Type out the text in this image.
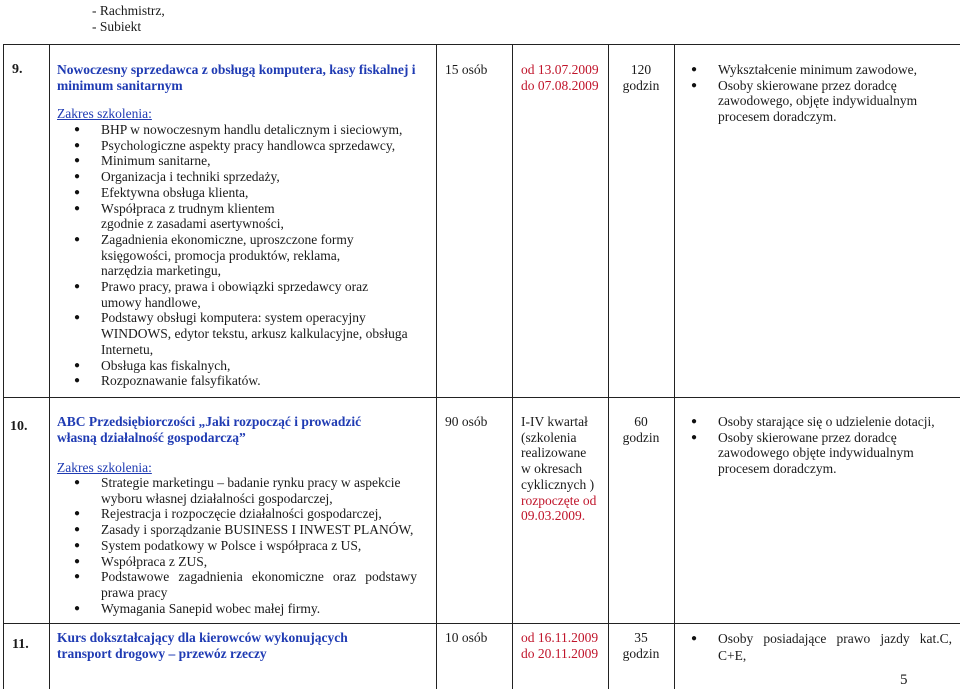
- Rachmistrz,
- Subiekt
9.	Nowoczesny sprzedawca z obsługą komputera, kasy fiskalnej i minimum sanitarnym
Zakres szkolenia:
● BHP w nowoczesnym handlu detalicznym i sieciowym,
● Psychologiczne aspekty pracy handlowca sprzedawcy,
● Minimum sanitarne,
● Organizacja i techniki sprzedaży,
● Efektywna obsługa klienta,
● Współpraca z trudnym klientem zgodnie z zasadami asertywności,
● Zagadnienia ekonomiczne, uproszczone formy księgowości, promocja produktów, reklama, narzędzia marketingu,
● Prawo pracy, prawa i obowiązki sprzedawcy oraz umowy handlowe,
● Podstawy obsługi komputera: system operacyjny WINDOWS, edytor tekstu, arkusz kalkulacyjne, obsługa Internetu,
● Obsługa kas fiskalnych,
● Rozpoznawanie falsyfikatów.
15 osób od 13.07.2009
do 07.08.2009
120
godzin
● Wykształcenie minimum zawodowe,
● Osoby skierowane przez doradcę zawodowego, objęte indywidualnym procesem doradczym.
10. ABC Przedsiębiorczości „Jaki rozpocząć i prowadzić własną działalność gospodarczą”
Zakres szkolenia:
● Strategie marketingu – badanie rynku pracy w aspekcie wyboru własnej działalności gospodarczej,
● Rejestracja i rozpoczęcie działalności gospodarczej,
● Zasady i sporządzanie BUSINESS I INWEST PLANÓW,
● System podatkowy w Polsce i współpraca z US,
● Współpraca z ZUS,
● Podstawowe zagadnienia ekonomiczne oraz podstawy prawa pracy
● Wymagania Sanepid wobec małej firmy.
90 osób I-IV kwartał
(szkolenia
realizowane
w okresach
cyklicznych )
rozpoczęte od
09.03.2009.
60
godzin
● Osoby starające się o udzielenie dotacji,
● Osoby skierowane przez doradcę zawodowego objęte indywidualnym procesem doradczym.
11. Kurs dokształcający dla kierowców wykonujących transport drogowy – przewóz rzeczy
10 osób od 16.11.2009
do 20.11.2009
35
godzin
● Osoby posiadające prawo jazdy kat.C, C+E,
5
